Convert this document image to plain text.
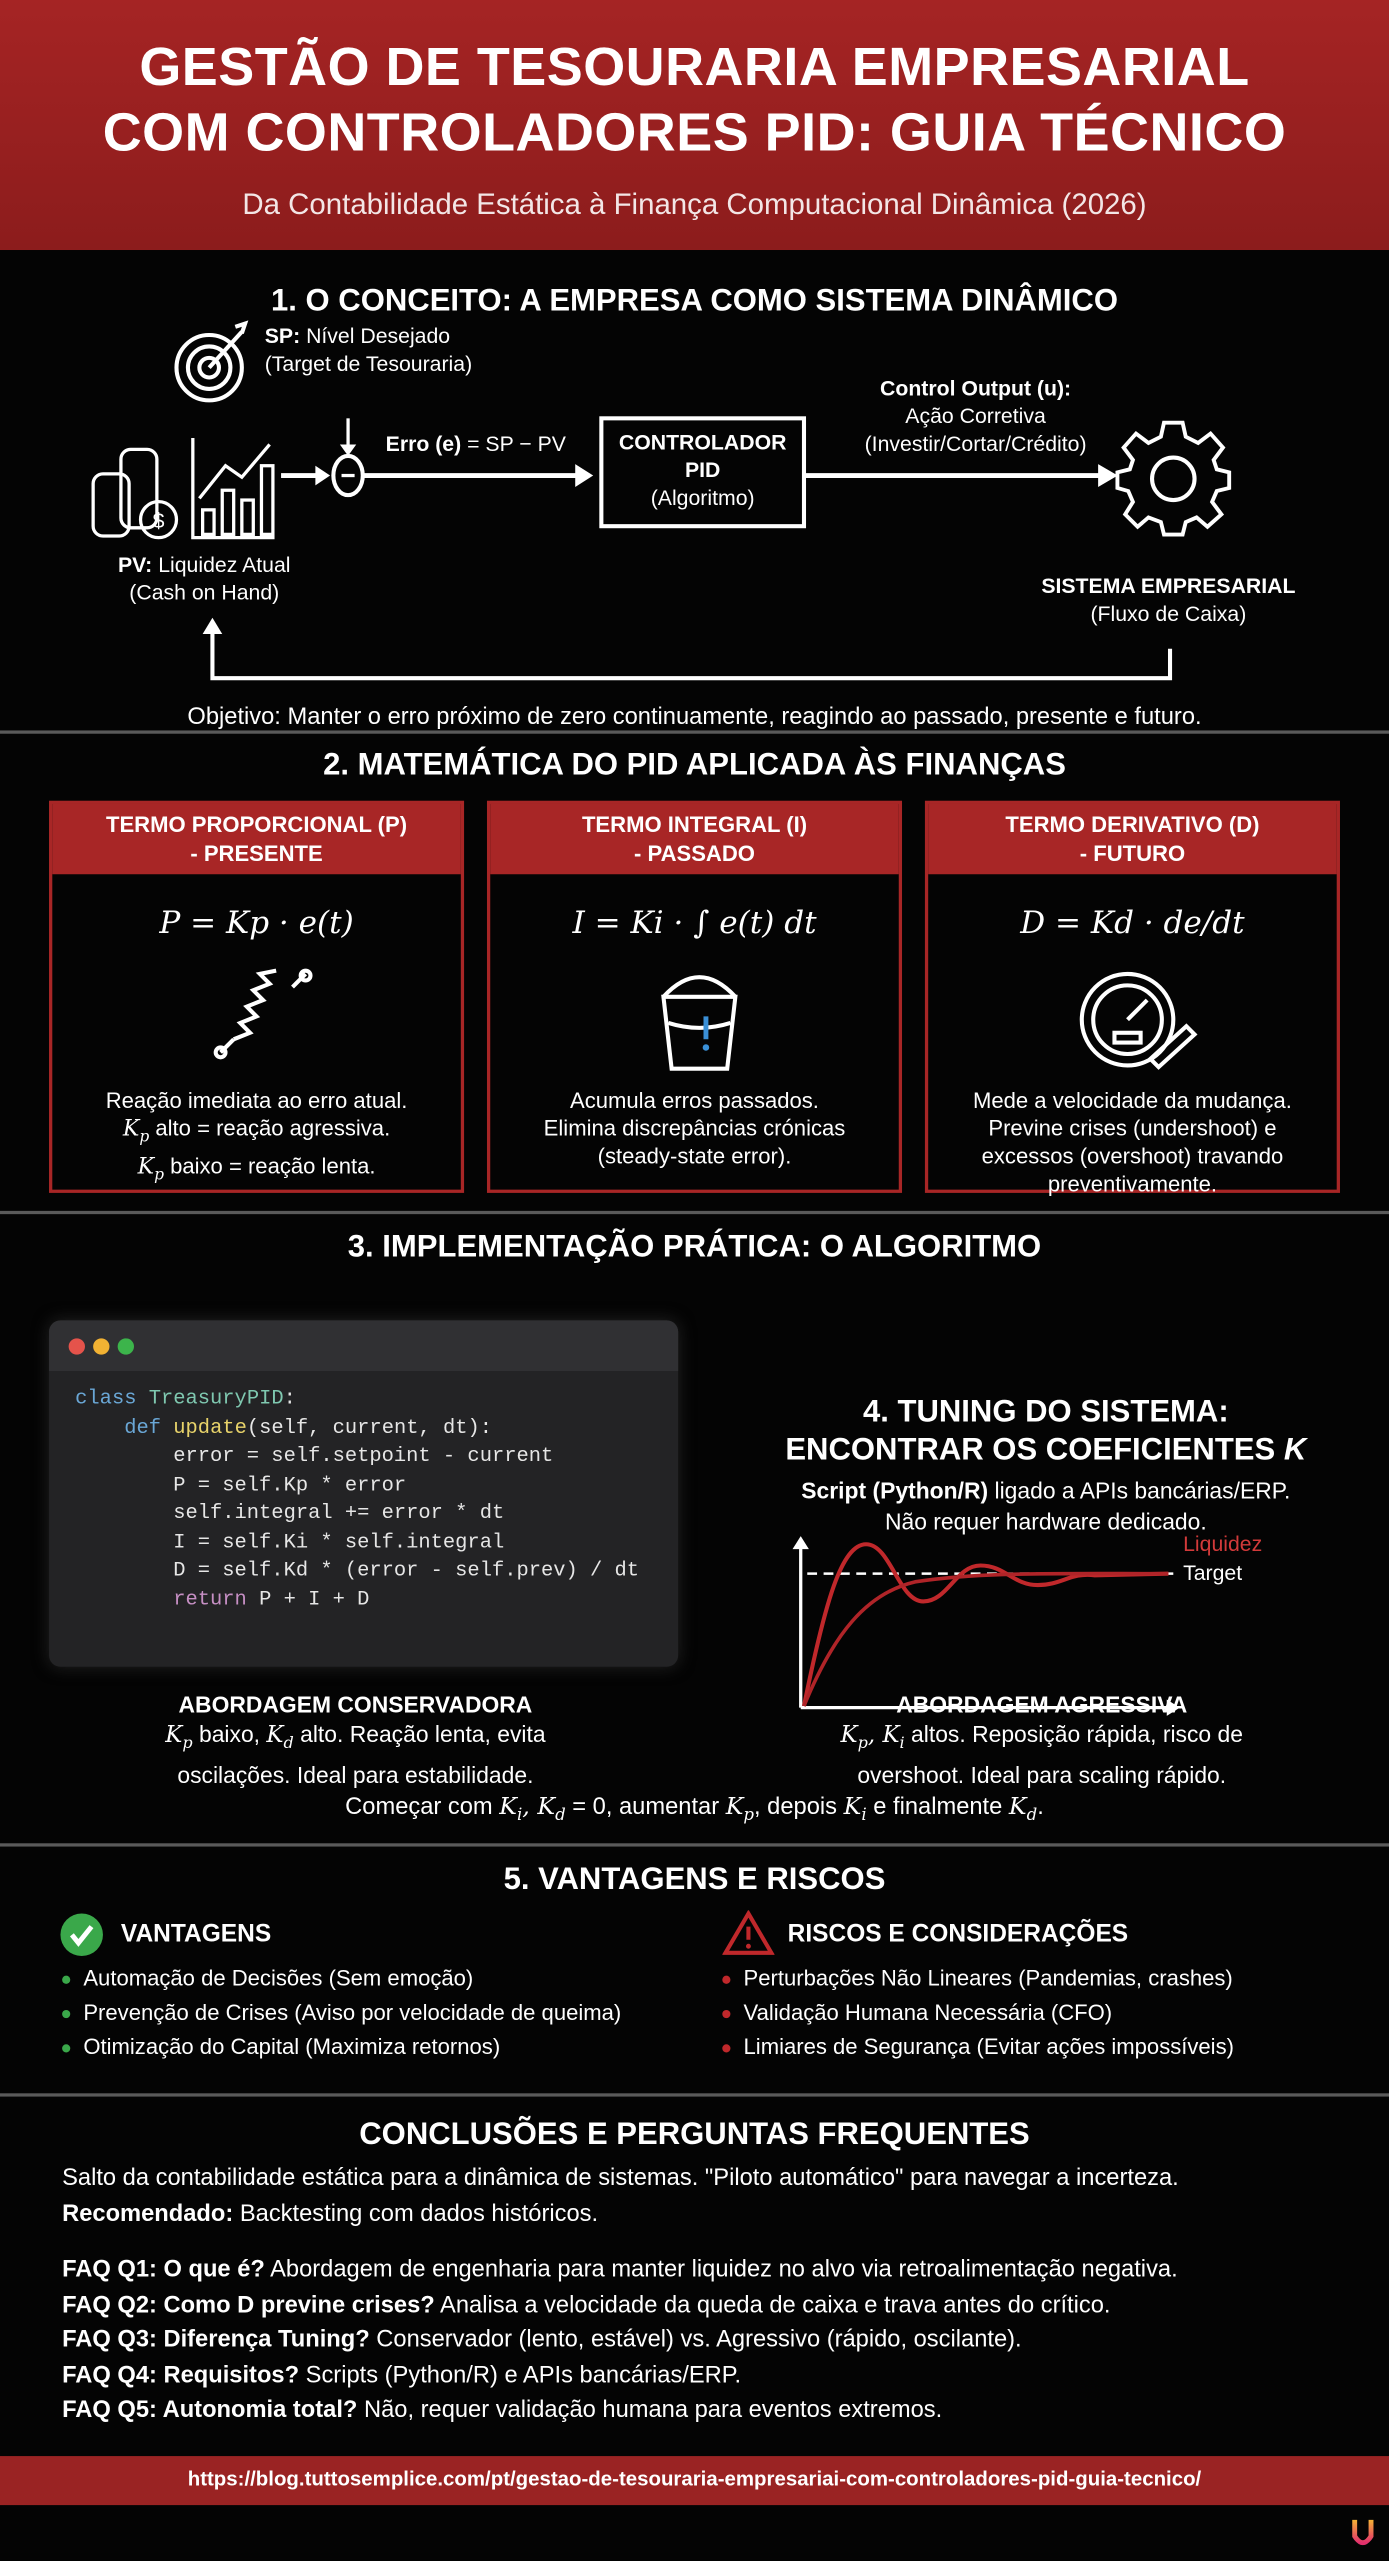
GESTÃO DE TESOURARIA EMPRESARIAL
COM CONTROLADORES PID: GUIA TÉCNICO
Da Contabilidade Estática à Finança Computacional Dinâmica (2026)
1. O CONCEITO: A EMPRESA COMO SISTEMA DINÂMICO
$
SP: Nível Desejado
(Target de Tesouraria)
Erro (e) = SP − PV	CONTROLADOR
PID
(Algoritmo)
Control Output (u):
Ação Corretiva
(Investir/Cortar/Crédito)
SISTEMA EMPRESARIAL
(Fluxo de Caixa)
PV: Liquidez Atual
(Cash on Hand)
Objetivo: Manter o erro próximo de zero continuamente, reagindo ao passado, presente e futuro.
2. MATEMÁTICA DO PID APLICADA ÀS FINANÇAS
TERMO PROPORCIONAL (P)
- PRESENTE
P = Kp · e(t)
Reação imediata ao erro atual.
$K_p$ alto = reação agressiva.
$K_p$ baixo = reação lenta.
TERMO INTEGRAL (I)
- PASSADO
I = Ki · ∫ e(t) dt
Acumula erros passados.
Elimina discrepâncias crónicas
(steady-state error).
TERMO DERIVATIVO (D)
- FUTURO
D = Kd · de/dt
Mede a velocidade da mudança.
Previne crises (undershoot) e
excessos (overshoot) travando
preventivamente.
3. IMPLEMENTAÇÃO PRÁTICA: O ALGORITMO
class TreasuryPID:
def update(self, current, dt):
error = self.setpoint - current
P = self.Kp * error
self.integral += error * dt
I = self.Ki * self.integral
D = self.Kd * (error - self.prev) / dt
return P + I + D
4. TUNING DO SISTEMA:
ENCONTRAR OS COEFICIENTES K
Script (Python/R) ligado a APIs bancárias/ERP.
Não requer hardware dedicado.
Liquidez
Target
ABORDAGEM CONSERVADORA
$K_p$ baixo, $K_d$ alto. Reação lenta, evita
oscilações. Ideal para estabilidade.
ABORDAGEM AGRESSIVA
$K_p$, $K_i$ altos. Reposição rápida, risco de
overshoot. Ideal para scaling rápido.
Começar com $K_i$, $K_d = 0$, aumentar $K_p$, depois $K_i$ e finalmente $K_d$.
5. VANTAGENS E RISCOS
VANTAGENS	RISCOS E CONSIDERAÇÕES
Automação de Decisões (Sem emoção)
Prevenção de Crises (Aviso por velocidade de queima)
Otimização do Capital (Maximiza retornos)
Perturbações Não Lineares (Pandemias, crashes)
Validação Humana Necessária (CFO)
Limiares de Segurança (Evitar ações impossíveis)
CONCLUSÕES E PERGUNTAS FREQUENTES
Salto da contabilidade estática para a dinâmica de sistemas. "Piloto automático" para navegar a incerteza.
Recomendado: Backtesting com dados históricos.
FAQ Q1: O que é? Abordagem de engenharia para manter liquidez no alvo via retroalimentação negativa.
FAQ Q2: Como D previne crises? Analisa a velocidade da queda de caixa e trava antes do crítico.
FAQ Q3: Diferença Tuning? Conservador (lento, estável) vs. Agressivo (rápido, oscilante).
FAQ Q4: Requisitos? Scripts (Python/R) e APIs bancárias/ERP.
FAQ Q5: Autonomia total? Não, requer validação humana para eventos extremos.
https://blog.tuttosemplice.com/pt/gestao-de-tesouraria-empresariai-com-controladores-pid-guia-tecnico/
